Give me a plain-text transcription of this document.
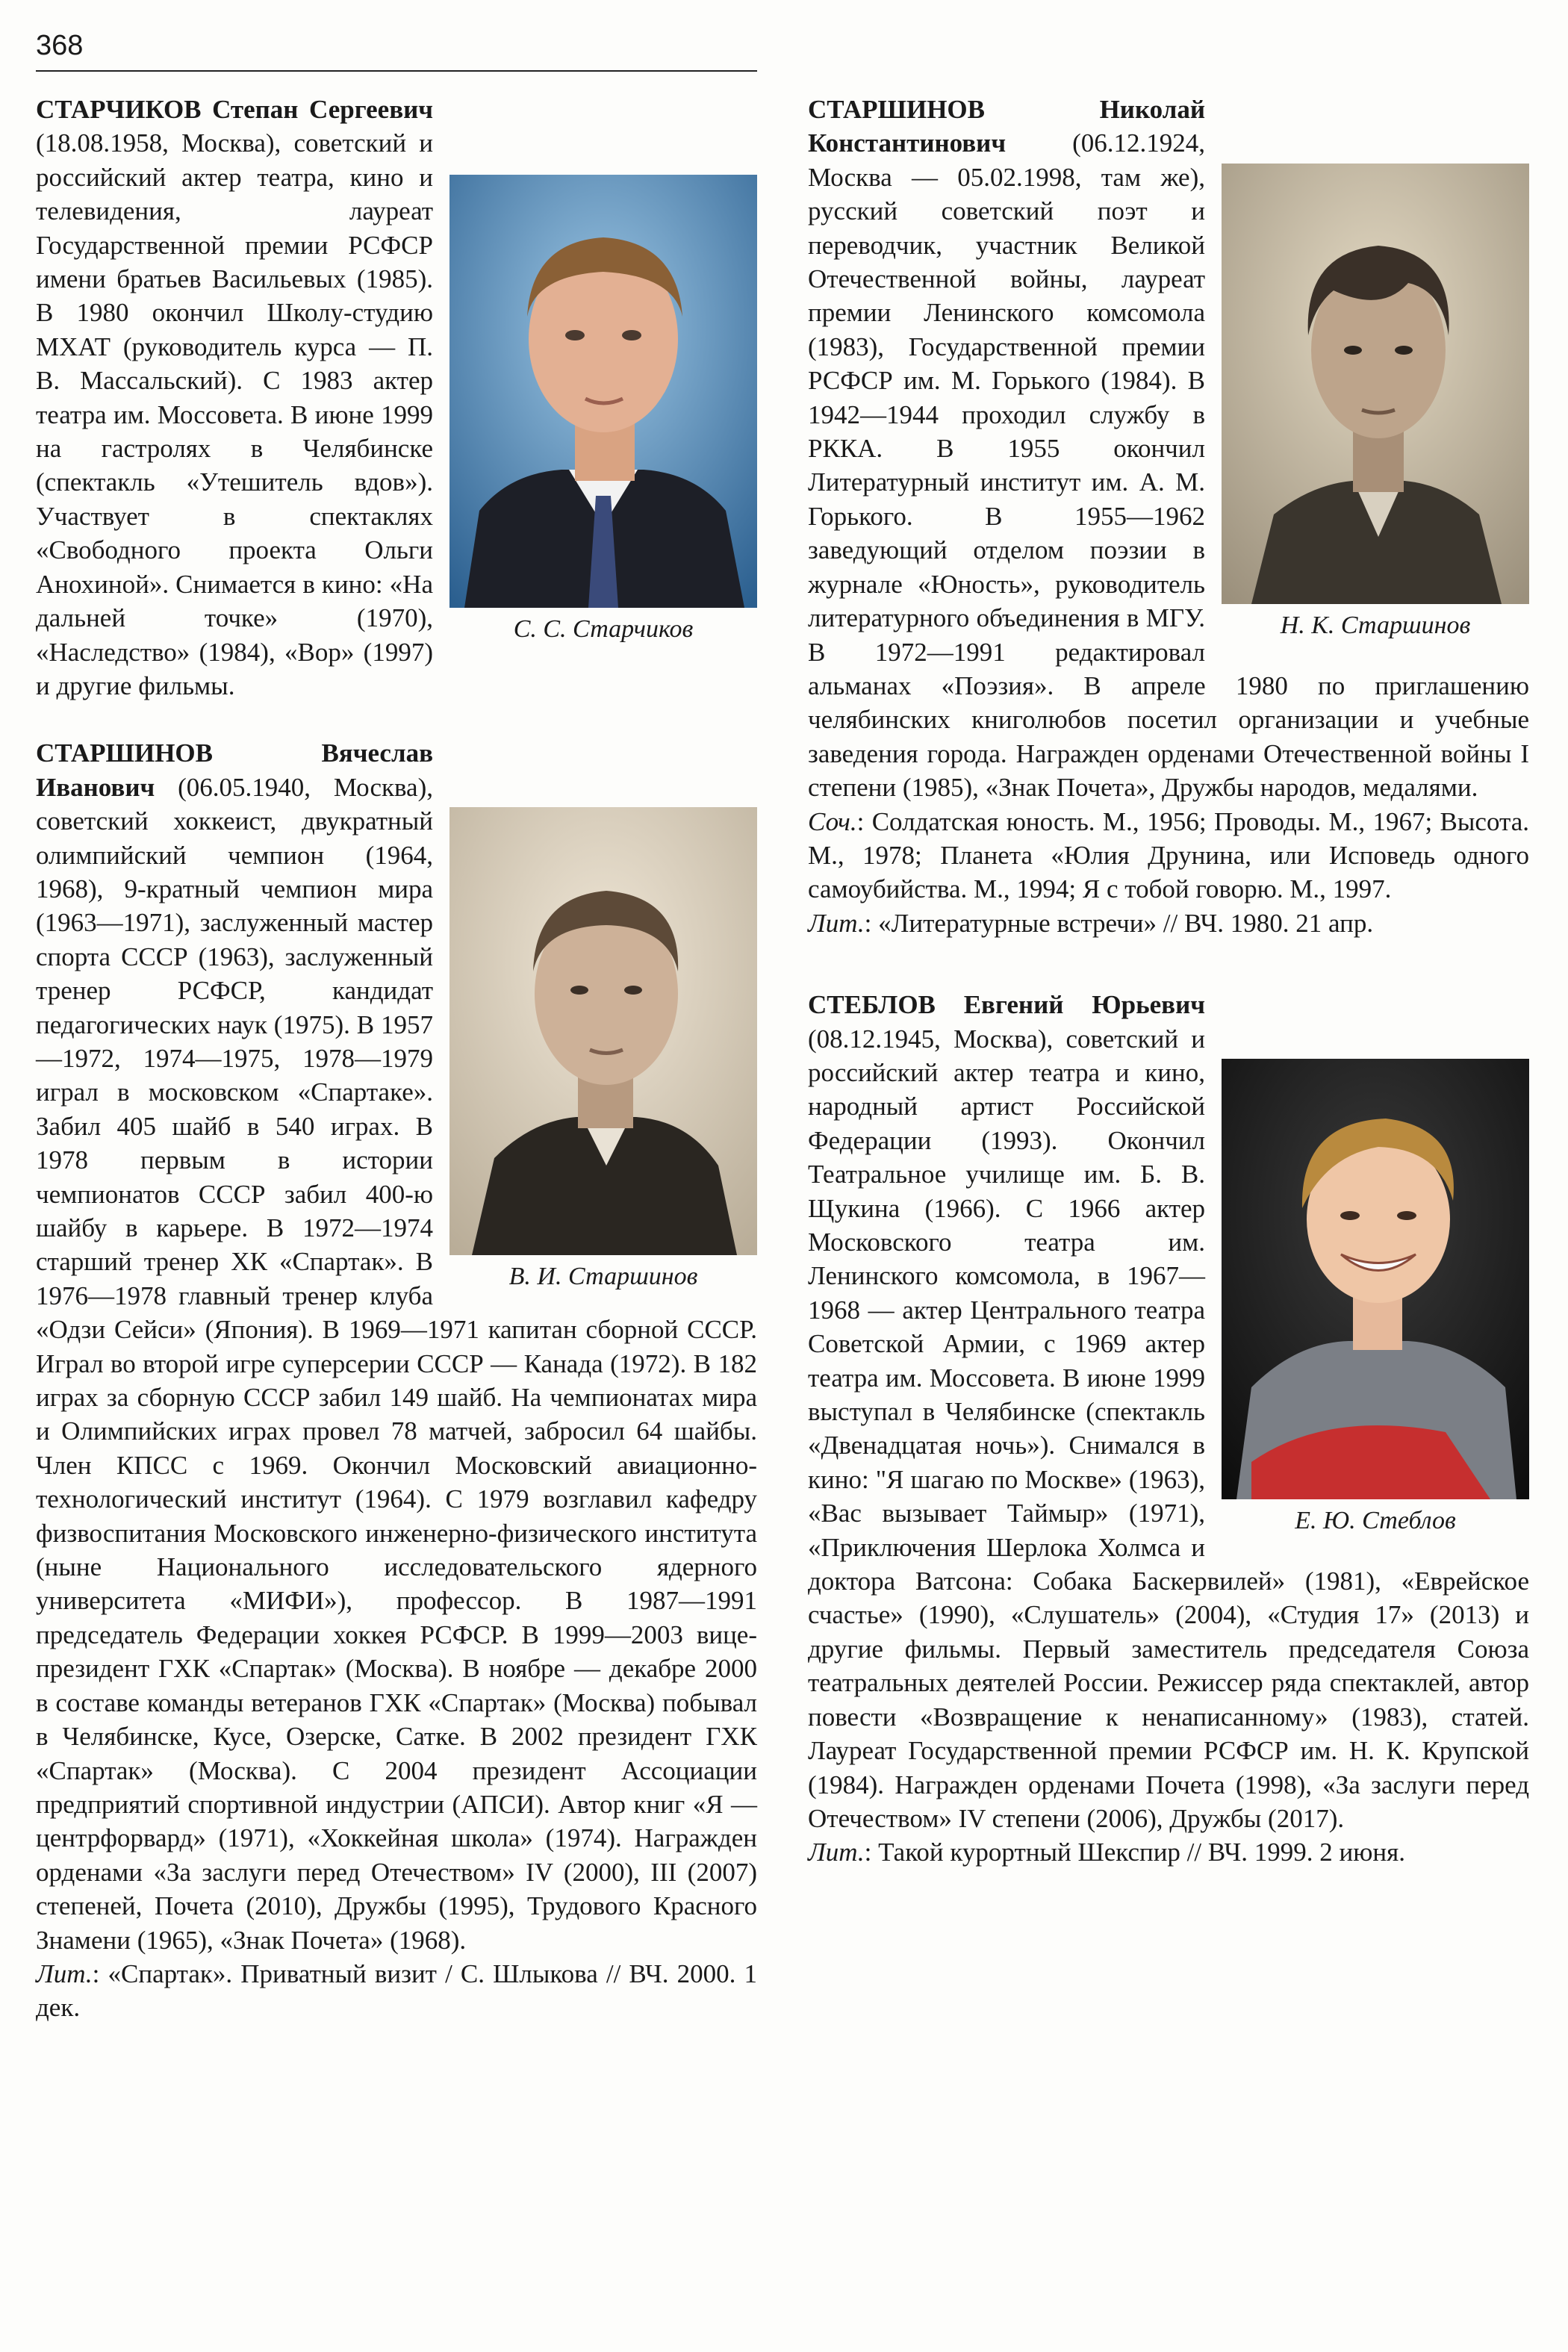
368
С. С. Старчиков

СТАРЧИКОВ Степан Сергеевич (18.08.1958, Москва), советский и российский актер театра, кино и телевидения, лауреат Государственной премии РСФСР имени братьев Васильевых (1985). В 1980 окончил Школу-студию МХАТ (руководитель курса — П. В. Массальский). С 1983 актер театра им. Моссовета. В июне 1999 на гастролях в Челябинске (спектакль «Утешитель вдов»). Участвует в спектаклях «Свободного проекта Ольги Анохиной». Снимается в кино: «На дальней точке» (1970), «Наследство» (1984), «Вор» (1997) и другие фильмы.

В. И. Старшинов

СТАРШИНОВ Вячеслав Иванович (06.05.1940, Москва), советский хоккеист, двукратный олимпийский чемпион (1964, 1968), 9-кратный чемпион мира (1963—1971), заслуженный мастер спорта СССР (1963), заслуженный тренер РСФСР, кандидат педагогических наук (1975). В 1957—1972, 1974—1975, 1978—1979 играл в московском «Спартаке». Забил 405 шайб в 540 играх. В 1978 первым в истории чемпионатов СССР забил 400-ю шайбу в карьере. В 1972—1974 старший тренер ХК «Спартак». В 1976—1978 главный тренер клуба «Одзи Сейси» (Япония). В 1969—1971 капитан сборной СССР. Играл во второй игре суперсерии СССР — Канада (1972). В 182 играх за сборную СССР забил 149 шайб. На чемпионатах мира и Олимпийских играх провел 78 матчей, забросил 64 шайбы. Член КПСС с 1969. Окончил Московский авиационно-технологический институт (1964). С 1979 возглавил кафедру физвоспитания Московского инженерно-физического института (ныне Национального исследовательского ядерного университета «МИФИ»), профессор. В 1987—1991 председатель Федерации хоккея РСФСР. В 1999—2003 вице-президент ГХК «Спартак» (Москва). В ноябре — декабре 2000 в составе команды ветеранов ГХК «Спартак» (Москва) побывал в Челябинске, Кусе, Озерске, Сатке. В 2002 президент ГХК «Спартак» (Москва). С 2004 президент Ассоциации предприятий спортивной индустрии (АПСИ). Автор книг «Я — центрфорвард» (1971), «Хоккейная школа» (1974). Награжден орденами «За заслуги перед Отечеством» IV (2000), III (2007) степеней, Почета (2010), Дружбы (1995), Трудового Красного Знамени (1965), «Знак Почета» (1968).

Лит.: «Спартак». Приватный визит / С. Шлыкова // ВЧ. 2000. 1 дек.

Н. К. Старшинов

СТАРШИНОВ Николай Константинович (06.12.1924, Москва — 05.02.1998, там же), русский советский поэт и переводчик, участник Великой Отечественной войны, лауреат премии Ленинского комсомола (1983), Государственной премии РСФСР им. М. Горького (1984). В 1942—1944 проходил службу в РККА. В 1955 окончил Литературный институт им. А. М. Горького. В 1955—1962 заведующий отделом поэзии в журнале «Юность», руководитель литературного объединения в МГУ. В 1972—1991 редактировал альманах «Поэзия». В апреле 1980 по приглашению челябинских книголюбов посетил организации и учебные заведения города. Награжден орденами Отечественной войны I степени (1985), «Знак Почета», Дружбы народов, медалями.

Соч.: Солдатская юность. М., 1956; Проводы. М., 1967; Высота. М., 1978; Планета «Юлия Друнина, или Исповедь одного самоубийства. М., 1994; Я с тобой говорю. М., 1997.

Лит.: «Литературные встречи» // ВЧ. 1980. 21 апр.

Е. Ю. Стеблов

СТЕБЛОВ Евгений Юрьевич (08.12.1945, Москва), советский и российский актер театра и кино, народный артист Российской Федерации (1993). Окончил Театральное училище им. Б. В. Щукина (1966). С 1966 актер Московского театра им. Ленинского комсомола, в 1967—1968 — актер Центрального театра Советской Армии, с 1969 актер театра им. Моссовета. В июне 1999 выступал в Челябинске (спектакль «Двенадцатая ночь»). Снимался в кино: "Я шагаю по Москве» (1963), «Вас вызывает Таймыр» (1971), «Приключения Шерлока Холмса и доктора Ватсона: Собака Баскервилей» (1981), «Еврейское счастье» (1990), «Слушатель» (2004), «Студия 17» (2013) и другие фильмы. Первый заместитель председателя Союза театральных деятелей России. Режиссер ряда спектаклей, автор повести «Возвращение к ненаписанному» (1983), статей. Лауреат Государственной премии РСФСР им. Н. К. Крупской (1984). Награжден орденами Почета (1998), «За заслуги перед Отечеством» IV степени (2006), Дружбы (2017).

Лит.: Такой курортный Шекспир // ВЧ. 1999. 2 июня.
